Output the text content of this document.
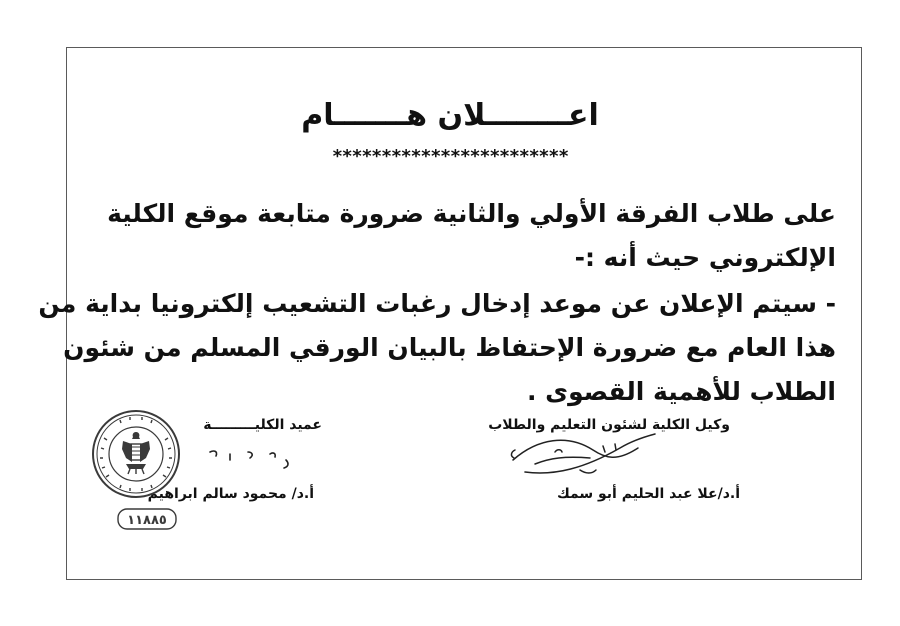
اعــــــــلان هـــــــام
************************
على طلاب الفرقة الأولي والثانية ضرورة متابعة موقع الكلية
الإلكتروني حيث أنه :-
- سيتم الإعلان عن موعد إدخال رغبات التشعيب إلكترونيا بداية من
هذا العام مع ضرورة الإحتفاظ بالبيان الورقي المسلم من شئون
الطلاب للأهمية القصوى .
عميد الكليـــــــــة	وكيل الكلية لشئون التعليم والطلاب
أ.د/ محمود سالم ابراهيم	أ.د/علا عبد الحليم أبو سمك
١١٨٨٥
